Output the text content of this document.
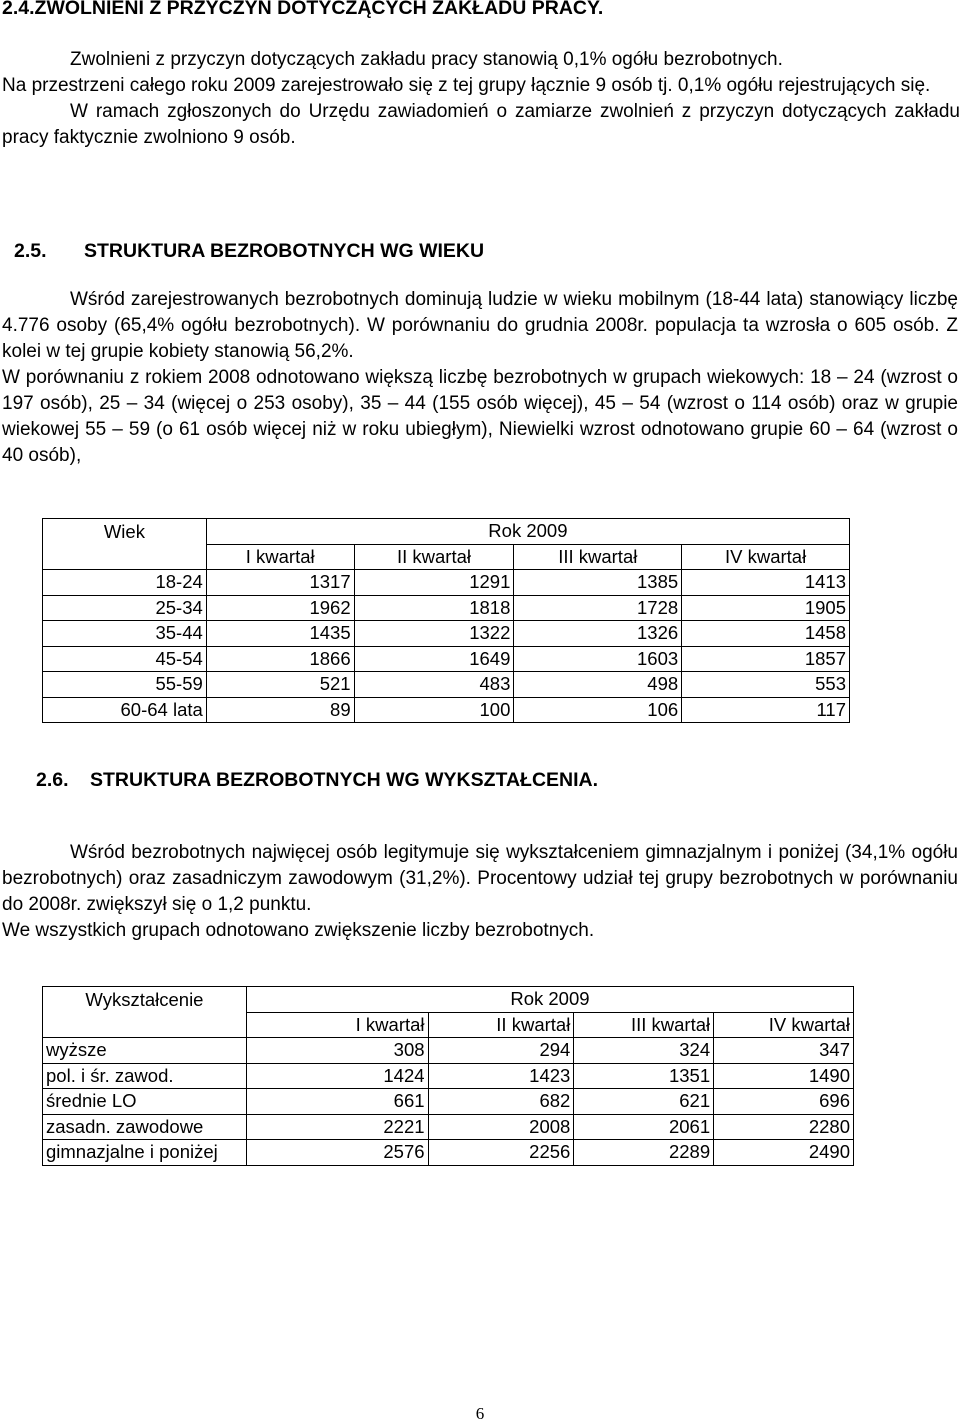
2.4.ZWOLNIENI Z PRZYCZYN DOTYCZĄCYCH ZAKŁADU PRACY.

Zwolnieni z przyczyn dotyczących zakładu pracy stanowią 0,1% ogółu bezrobotnych.

Na przestrzeni całego roku 2009 zarejestrowało się z tej grupy łącznie 9 osób tj. 0,1% ogółu rejestrujących się.

W ramach zgłoszonych do Urzędu zawiadomień o zamiarze zwolnień z przyczyn dotyczących zakładu pracy faktycznie zwolniono 9 osób.

2.5. STRUKTURA BEZROBOTNYCH WG WIEKU

Wśród zarejestrowanych bezrobotnych dominują ludzie w wieku mobilnym (18-44 lata) stanowiący liczbę 4.776 osoby (65,4% ogółu bezrobotnych). W porównaniu do grudnia 2008r. populacja ta wzrosła o 605 osób. Z kolei w tej grupie kobiety stanowią 56,2%.

W porównaniu z rokiem 2008 odnotowano większą liczbę bezrobotnych w grupach wiekowych: 18 – 24 (wzrost o 197 osób), 25 – 34 (więcej o 253 osoby), 35 – 44 (155 osób więcej), 45 – 54 (wzrost o 114 osób) oraz w grupie wiekowej 55 – 59 (o 61 osób więcej niż w roku ubiegłym), Niewielki wzrost odnotowano grupie 60 – 64 (wzrost o 40 osób),

Wiek	Rok 2009			
	I kwartał	II kwartał	III kwartał	IV kwartał
18-24	1317	1291	1385	1413
25-34	1962	1818	1728	1905
35-44	1435	1322	1326	1458
45-54	1866	1649	1603	1857
55-59	521	483	498	553
60-64 lata	89	100	106	117
2.6. STRUKTURA BEZROBOTNYCH WG WYKSZTAŁCENIA.

Wśród bezrobotnych najwięcej osób legitymuje się wykształceniem gimnazjalnym i poniżej (34,1% ogółu bezrobotnych) oraz zasadniczym zawodowym (31,2%). Procentowy udział tej grupy bezrobotnych w porównaniu do 2008r. zwiększył się o 1,2 punktu.

We wszystkich grupach odnotowano zwiększenie liczby bezrobotnych.

Wykształcenie	Rok 2009			
	I kwartał	II kwartał	III kwartał	IV kwartał
wyższe	308	294	324	347
pol. i śr. zawod.	1424	1423	1351	1490
średnie LO	661	682	621	696
zasadn. zawodowe	2221	2008	2061	2280
gimnazjalne i poniżej	2576	2256	2289	2490
6
